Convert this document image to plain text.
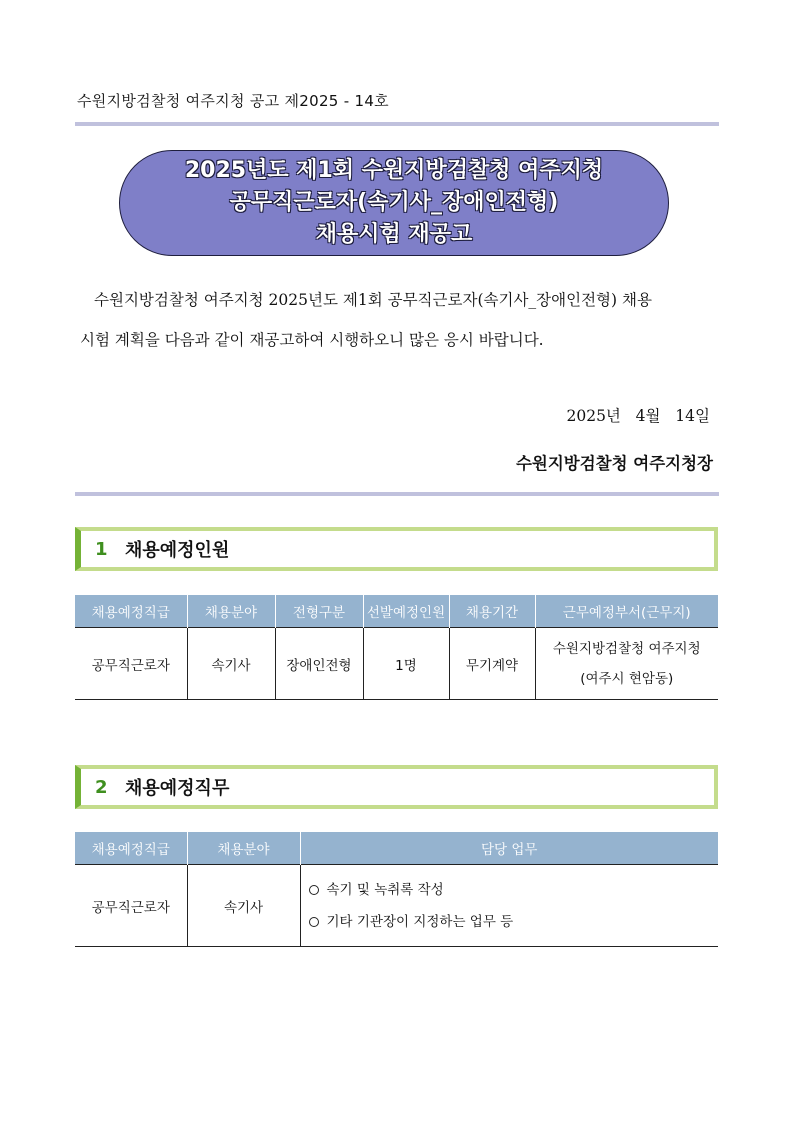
수원지방검찰청 여주지청 공고 제2025 - 14호
2025년도 제1회 수원지방검찰청 여주지청
공무직근로자(속기사_장애인전형)
채용시험 재공고
수원지방검찰청 여주지청 2025년도 제1회 공무직근로자(속기사_장애인전형) 채용
시험 계획을 다음과 같이 재공고하여 시행하오니 많은 응시 바랍니다.
2025년   4월   14일
수원지방검찰청 여주지청장
1 채용예정인원
채용예정직급	채용분야	전형구분	선발예정인원	채용기간	근무예정부서(근무지)
공무직근로자	속기사	장애인전형	1명	무기계약	수원지방검찰청 여주지청
(여주시 현암동)
2 채용예정직무
채용예정직급	채용분야	담당 업무
공무직근로자	속기사	속기 및 녹취록 작성
기타 기관장이 지정하는 업무 등
